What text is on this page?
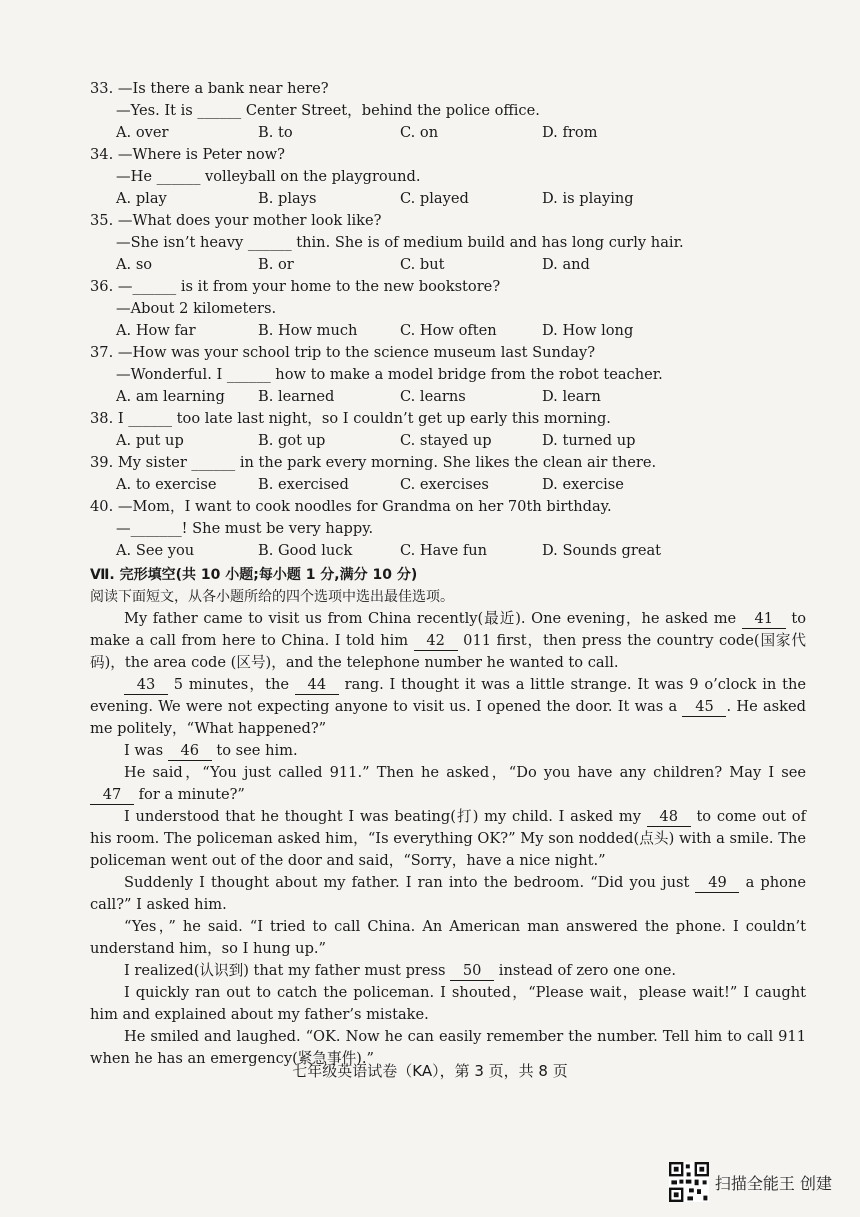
33. —Is there a bank near here?
—Yes. It is ______ Center Street，behind the police office.
A. over	B. to	C. on	D. from
34. —Where is Peter now?
—He ______ volleyball on the playground.
A. play	B. plays	C. played	D. is playing
35. —What does your mother look like?
—She isn’t heavy ______ thin. She is of medium build and has long curly hair.
A. so	B. or	C. but	D. and
36. —______ is it from your home to the new bookstore?
—About 2 kilometers.
A. How far	B. How much	C. How often	D. How long
37. —How was your school trip to the science museum last Sunday?
—Wonderful. I ______ how to make a model bridge from the robot teacher.
A. am learning	B. learned	C. learns	D. learn
38. I ______ too late last night，so I couldn’t get up early this morning.
A. put up	B. got up	C. stayed up	D. turned up
39. My sister ______ in the park every morning. She likes the clean air there.
A. to exercise	B. exercised	C. exercises	D. exercise
40. —Mom，I want to cook noodles for Grandma on her 70th birthday.
—_______! She must be very happy.
A. See you	B. Good luck	C. Have fun	D. Sounds great
Ⅶ. 完形填空(共 10 小题;每小题 1 分,满分 10 分)
阅读下面短文，从各小题所给的四个选项中选出最佳选项。

My father came to visit us from China recently(最近). One evening，he asked me 41 to make a call from here to China. I told him 42 011 first，then press the country code(国家代码)，the area code (区号)，and the telephone number he wanted to call.

43 5 minutes，the 44 rang. I thought it was a little strange. It was 9 o’clock in the evening. We were not expecting anyone to visit us. I opened the door. It was a 45 . He asked me politely，“What happened?”

I was 46 to see him.

He said，“You just called 911.” Then he asked，“Do you have any children? May I see 47 for a minute?”

I understood that he thought I was beating(打) my child. I asked my 48 to come out of his room. The policeman asked him，“Is everything OK?” My son nodded(点头) with a smile. The policeman went out of the door and said，“Sorry，have a nice night.”

Suddenly I thought about my father. I ran into the bedroom. “Did you just 49 a phone call?” I asked him.

“Yes，” he said. “I tried to call China. An American man answered the phone. I couldn’t understand him，so I hung up.”

I realized(认识到) that my father must press 50 instead of zero one one.

I quickly ran out to catch the policeman. I shouted，“Please wait，please wait!” I caught him and explained about my father’s mistake.

He smiled and laughed. “OK. Now he can easily remember the number. Tell him to call 911 when he has an emergency(紧急事件).”

七年级英语试卷（KA），第 3 页，共 8 页
扫描全能王 创建
